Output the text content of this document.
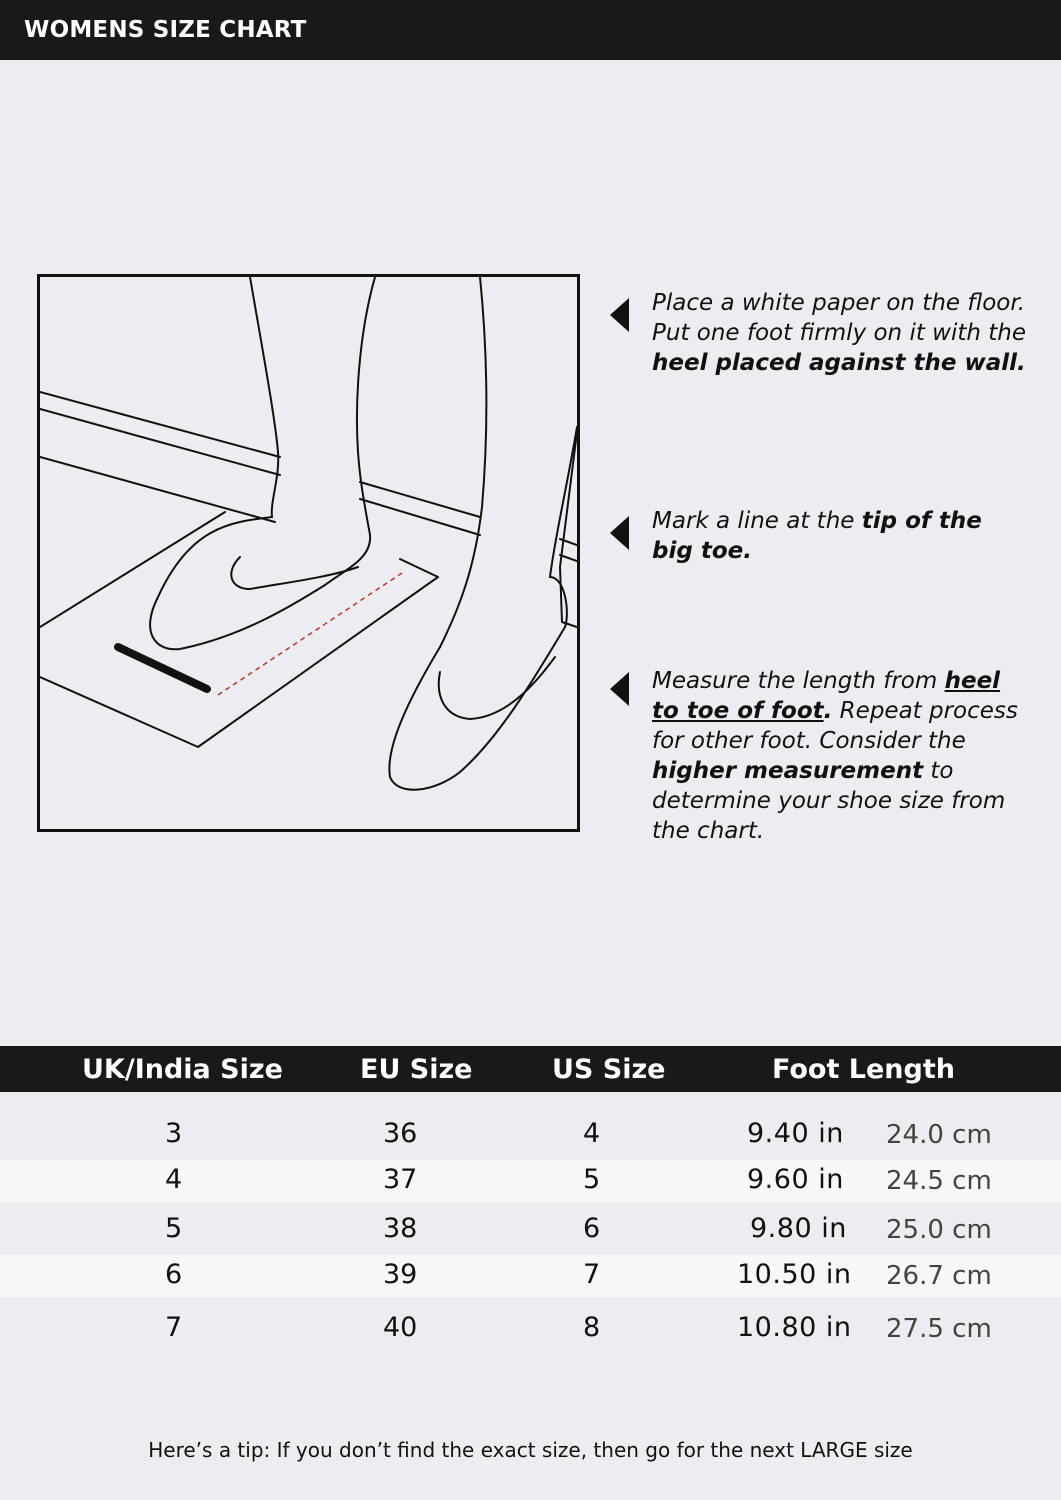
WOMENS SIZE CHART
Place a white paper on the floor. Put one foot firmly on it with the heel placed against the wall.
Mark a line at the tip of the big toe.
Measure the length from heel to toe of foot. Repeat process for other foot. Consider the higher measurement to determine your shoe size from the chart.
UK/India Size	EU Size	US Size	Foot Length
3	36	4	9.40 in 24.0 cm
4	37	5	9.60 in 24.5 cm
5	38	6	9.80 in 25.0 cm
6	39	7	10.50 in 26.7 cm
7	40	8	10.80 in 27.5 cm
Here’s a tip: If you don’t find the exact size, then go for the next LARGE size
